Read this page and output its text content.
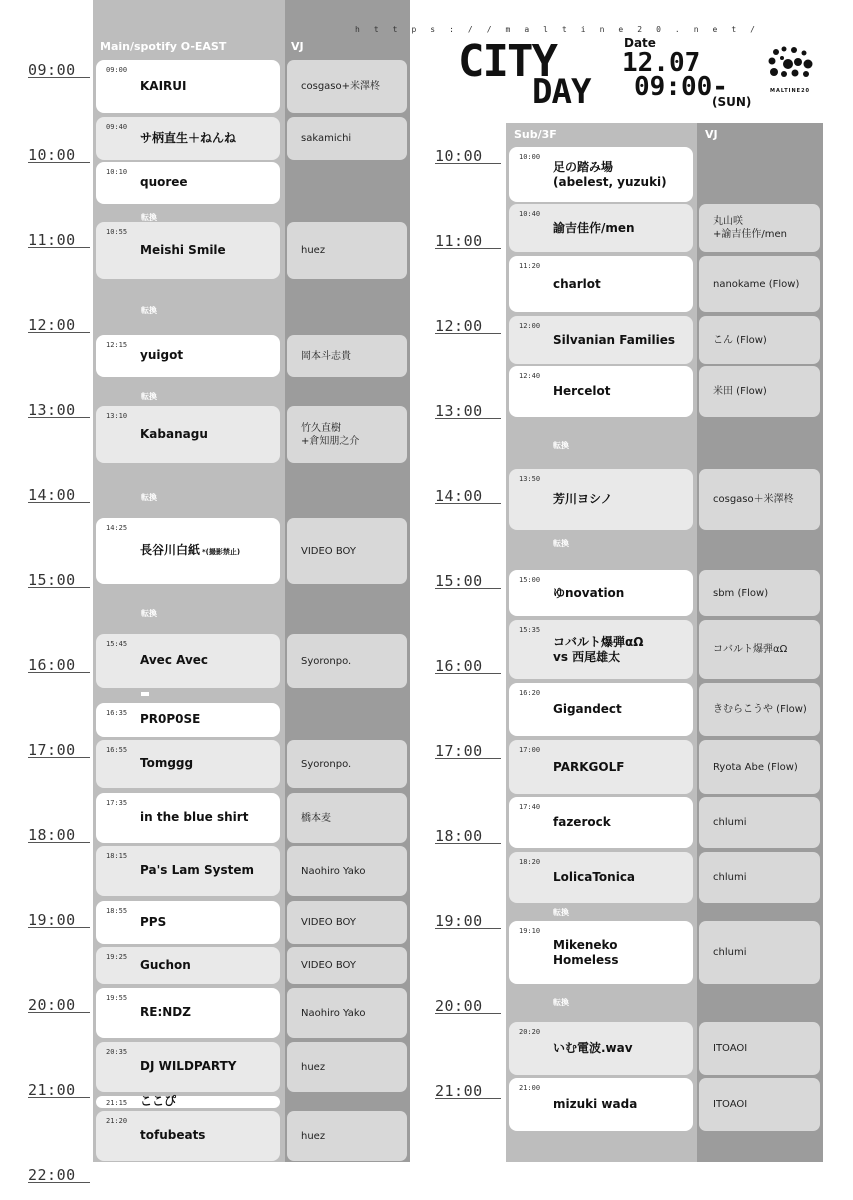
Main/spotify O-EAST	VJ
Sub/3F	VJ
https://maltine20.net/
CITY
DAY
Date
12.07
09:00-
(SUN)
MALTINE20
09:00
10:00
11:00
12:00
13:00
14:00
15:00
16:00
17:00
18:00
19:00
20:00
21:00
22:00
10:00
11:00
12:00
13:00
14:00
15:00
16:00
17:00
18:00
19:00
20:00
21:00
09:00
KAIRUI	cosgaso+米澤柊
09:40
サ柄直生＋ねんね	sakamichi
10:10
quoree
10:55
Meishi Smile	huez
12:15
yuigot	岡本斗志貴
13:10
Kabanagu	竹久直樹
+倉知朋之介
14:25
長谷川白紙 *(撮影禁止)	VIDEO BOY
15:45
Avec Avec	Syoronpo.
16:35 PR0P0SE
16:55
Tomggg	Syoronpo.
17:35
in the blue shirt	橋本麦
18:15
Pa's Lam System	Naohiro Yako
18:55
PPS	VIDEO BOY
19:25
Guchon	VIDEO BOY
19:55
RE:NDZ	Naohiro Yako
20:35
DJ WILDPARTY	huez
21:15 ここぴ
21:20
tofubeats	huez
転換
転換
転換
転換
転換
10:00
足の踏み場
(abelest, yuzuki)
10:40
諭吉佳作/men	丸山咲
+諭吉佳作/men
11:20
charlot	nanokame (Flow)
12:00
Silvanian Families	こん (Flow)
12:40
Hercelot	米田 (Flow)
13:50
芳川ヨシノ	cosgaso＋米澤柊
15:00
ゆnovation	sbm (Flow)
15:35
コバルト爆弾αΩ
vs 西尾雄太	コバルト爆弾αΩ
16:20
Gigandect	きむらこうや (Flow)
17:00
PARKGOLF	Ryota Abe (Flow)
17:40
fazerock	chlumi
18:20
LolicaTonica	chlumi
19:10
Mikeneko
Homeless	chlumi
20:20
いむ電波.wav	ITOAOI
21:00
mizuki wada	ITOAOI
転換
転換
転換
転換
